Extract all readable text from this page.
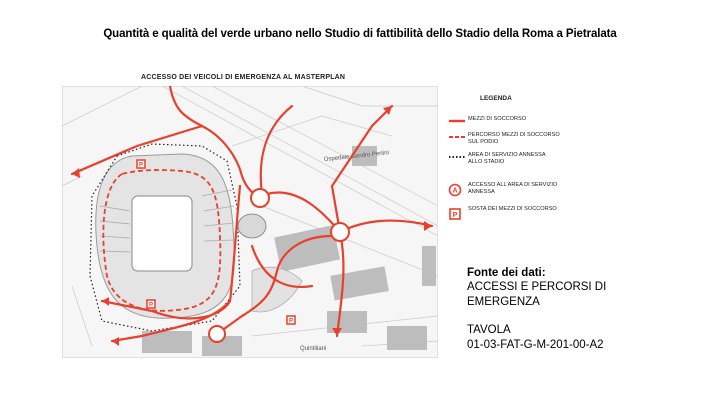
Quantità e qualità del verde urbano nello Studio di fattibilità dello Stadio della Roma a Pietralata
ACCESSO DEI VEICOLI DI EMERGENZA AL MASTERPLAN
Ospedale Sandro Pertini
Quintiliani
P
P
P
LEGENDA
MEZZI DI SOCCORSO
PERCORSO MEZZI DI SOCCORSO SUL PODIO
AREA DI SERVIZIO ANNESSA ALLO STADIO
A
ACCESSO ALL'AREA DI SERVIZIO ANNESSA
P
SOSTA DEI MEZZI DI SOCCORSO
Fonte dei dati:
ACCESSI E PERCORSI DI
EMERGENZA
TAVOLA
01-03-FAT-G-M-201-00-A2
